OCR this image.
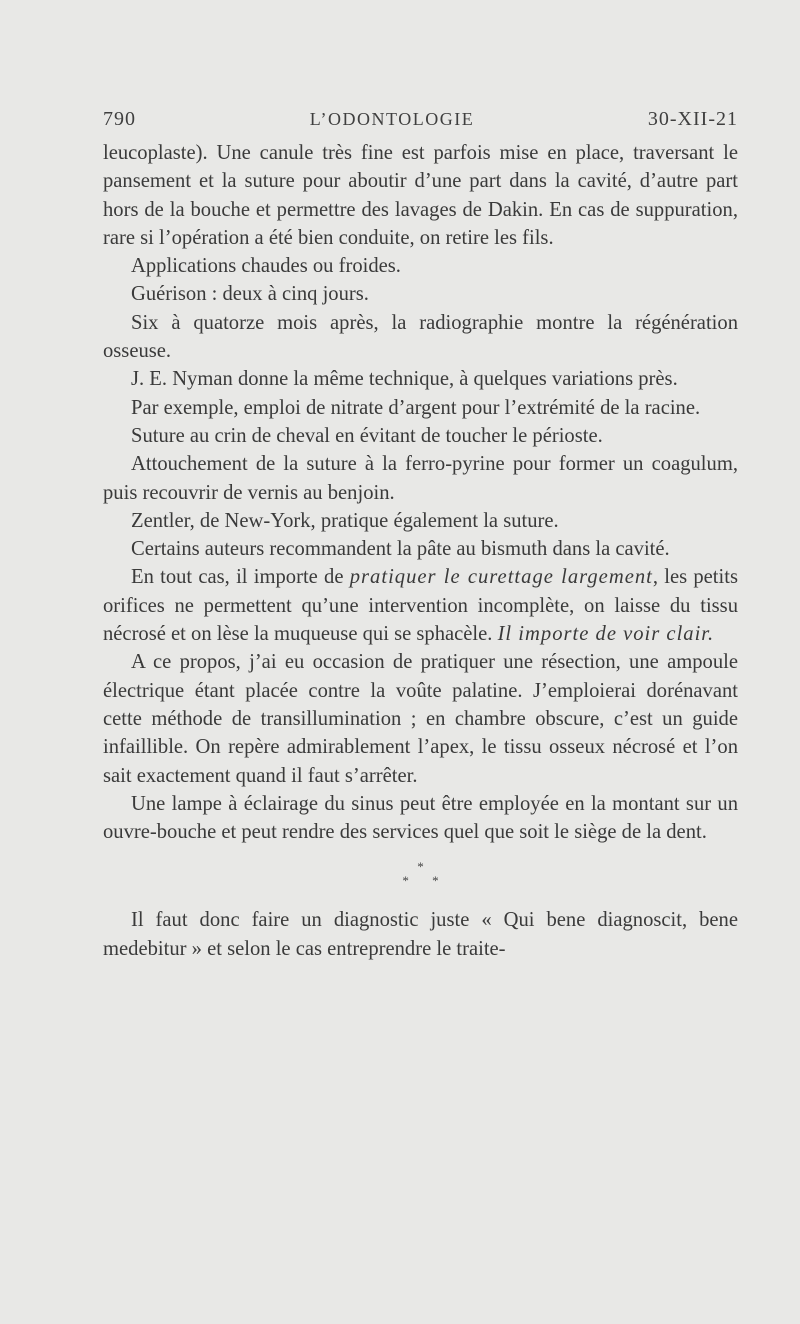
790	L’ODONTOLOGIE	30-XII-21

leucoplaste). Une canule très fine est parfois mise en place, traversant le pansement et la suture pour aboutir d’une part dans la cavité, d’autre part hors de la bouche et permettre des lavages de Dakin. En cas de suppuration, rare si l’opération a été bien conduite, on retire les fils.

Applications chaudes ou froides.

Guérison : deux à cinq jours.

Six à quatorze mois après, la radiographie montre la régénération osseuse.

J. E. Nyman donne la même technique, à quelques variations près.

Par exemple, emploi de nitrate d’argent pour l’extrémité de la racine.

Suture au crin de cheval en évitant de toucher le périoste.

Attouchement de la suture à la ferro-pyrine pour former un coagulum, puis recouvrir de vernis au benjoin.

Zentler, de New-York, pratique également la suture.

Certains auteurs recommandent la pâte au bismuth dans la cavité.

En tout cas, il importe de pratiquer le curettage largement, les petits orifices ne permettent qu’une intervention incomplète, on laisse du tissu nécrosé et on lèse la muqueuse qui se sphacèle. Il importe de voir clair.

A ce propos, j’ai eu occasion de pratiquer une résection, une ampoule électrique étant placée contre la voûte palatine. J’emploierai dorénavant cette méthode de transillumination ; en chambre obscure, c’est un guide infaillible. On repère admirablement l’apex, le tissu osseux nécrosé et l’on sait exactement quand il faut s’arrêter.

Une lampe à éclairage du sinus peut être employée en la montant sur un ouvre-bouche et peut rendre des services quel que soit le siège de la dent.

*
* *

Il faut donc faire un diagnostic juste « Qui bene diagnoscit, bene medebitur » et selon le cas entreprendre le traite-
